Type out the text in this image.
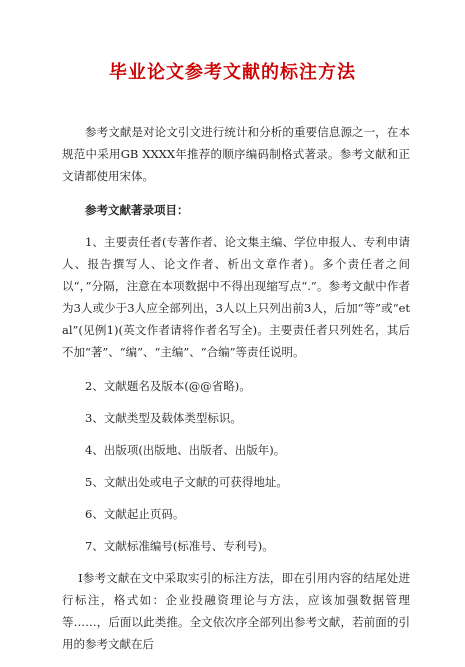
毕业论文参考文献的标注方法

参考文献是对论文引文进行统计和分析的重要信息源之一，在本规范中采用GB XXXX年推荐的顺序编码制格式著录。参考文献和正文请都使用宋体。

参考文献著录项目：

1、主要责任者(专著作者、论文集主编、学位申报人、专利申请人、报告撰写人、论文作者、析出文章作者)。多个责任者之间以“，”分隔，注意在本项数据中不得出现缩写点“.”。参考文献中作者为3人或少于3人应全部列出，3人以上只列出前3人，后加“等”或“et al”(见例1)(英文作者请将作者名写全)。主要责任者只列姓名，其后不加“著”、“编”、“主编”、“合编”等责任说明。

2、文献题名及版本(@@省略)。

3、文献类型及载体类型标识。

4、出版项(出版地、出版者、出版年)。

5、文献出处或电子文献的可获得地址。

6、文献起止页码。

7、文献标准编号(标准号、专利号)。

Ⅰ参考文献在文中采取实引的标注方法，即在引用内容的结尾处进行标注，格式如：企业投融资理论与方法，应该加强数据管理等……，后面以此类推。全文依次序全部列出参考文献，若前面的引用的参考文献在后
